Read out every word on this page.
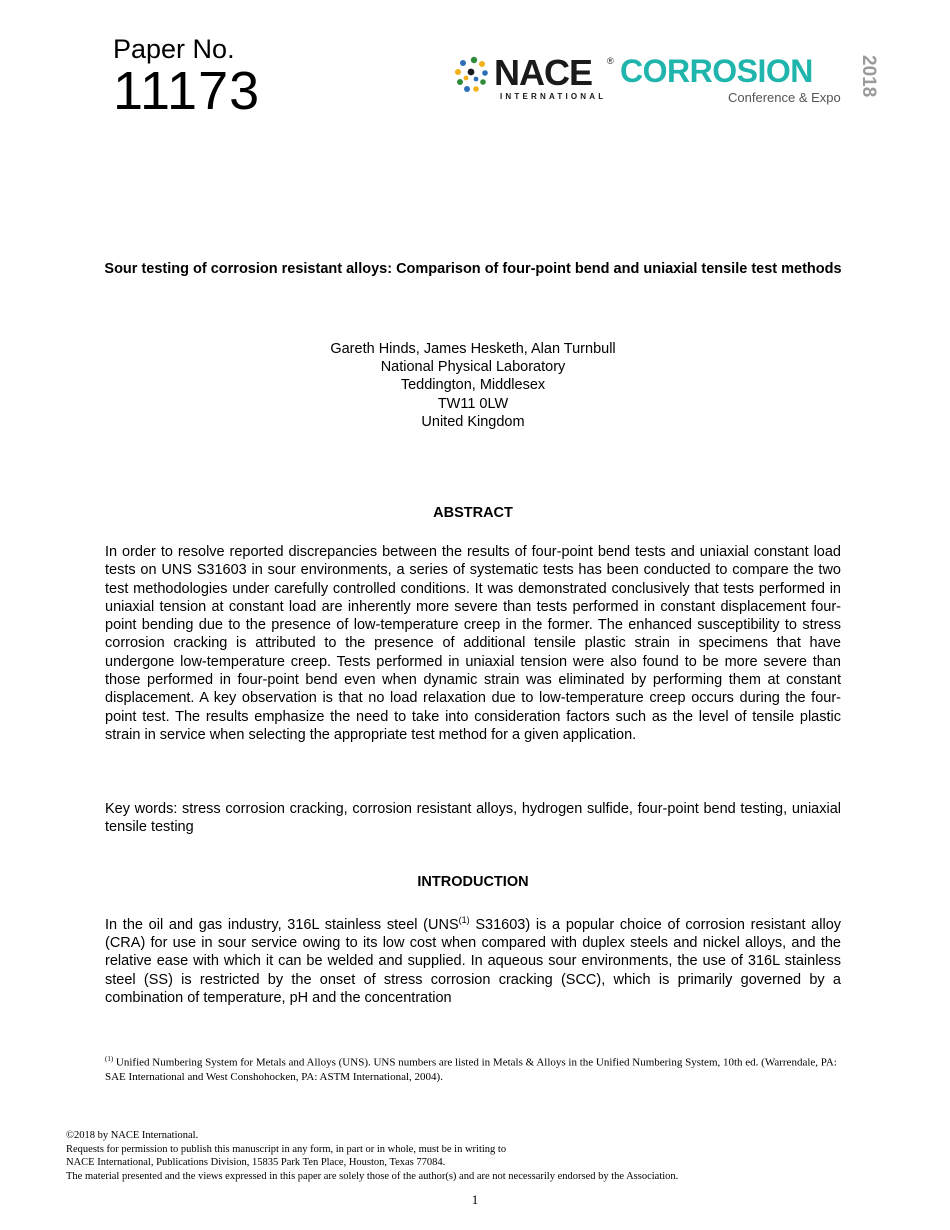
Paper No.
11173	NACE ®
INTERNATIONAL
CORROSION
Conference & Expo
2018
Sour testing of corrosion resistant alloys: Comparison of four-point bend and uniaxial tensile test methods
Gareth Hinds, James Hesketh, Alan Turnbull
National Physical Laboratory
Teddington, Middlesex
TW11 0LW
United Kingdom
ABSTRACT

In order to resolve reported discrepancies between the results of four-point bend tests and uniaxial constant load tests on UNS S31603 in sour environments, a series of systematic tests has been conducted to compare the two test methodologies under carefully controlled conditions. It was demonstrated conclusively that tests performed in uniaxial tension at constant load are inherently more severe than tests performed in constant displacement four-point bending due to the presence of low-temperature creep in the former. The enhanced susceptibility to stress corrosion cracking is attributed to the presence of additional tensile plastic strain in specimens that have undergone low-temperature creep. Tests performed in uniaxial tension were also found to be more severe than those performed in four-point bend even when dynamic strain was eliminated by performing them at constant displacement. A key observation is that no load relaxation due to low-temperature creep occurs during the four-point test. The results emphasize the need to take into consideration factors such as the level of tensile plastic strain in service when selecting the appropriate test method for a given application.

Key words: stress corrosion cracking, corrosion resistant alloys, hydrogen sulfide, four-point bend testing, uniaxial tensile testing

INTRODUCTION

In the oil and gas industry, 316L stainless steel (UNS$^{(1)}$ S31603) is a popular choice of corrosion resistant alloy (CRA) for use in sour service owing to its low cost when compared with duplex steels and nickel alloys, and the relative ease with which it can be welded and supplied. In aqueous sour environments, the use of 316L stainless steel (SS) is restricted by the onset of stress corrosion cracking (SCC), which is primarily governed by a combination of temperature, pH and the concentration

$^{(1)}$ Unified Numbering System for Metals and Alloys (UNS). UNS numbers are listed in Metals & Alloys in the Unified Numbering System, 10th ed. (Warrendale, PA: SAE International and West Conshohocken, PA: ASTM International, 2004).
©2018 by NACE International.
Requests for permission to publish this manuscript in any form, in part or in whole, must be in writing to
NACE International, Publications Division, 15835 Park Ten Place, Houston, Texas 77084.
The material presented and the views expressed in this paper are solely those of the author(s) and are not necessarily endorsed by the Association.
1
